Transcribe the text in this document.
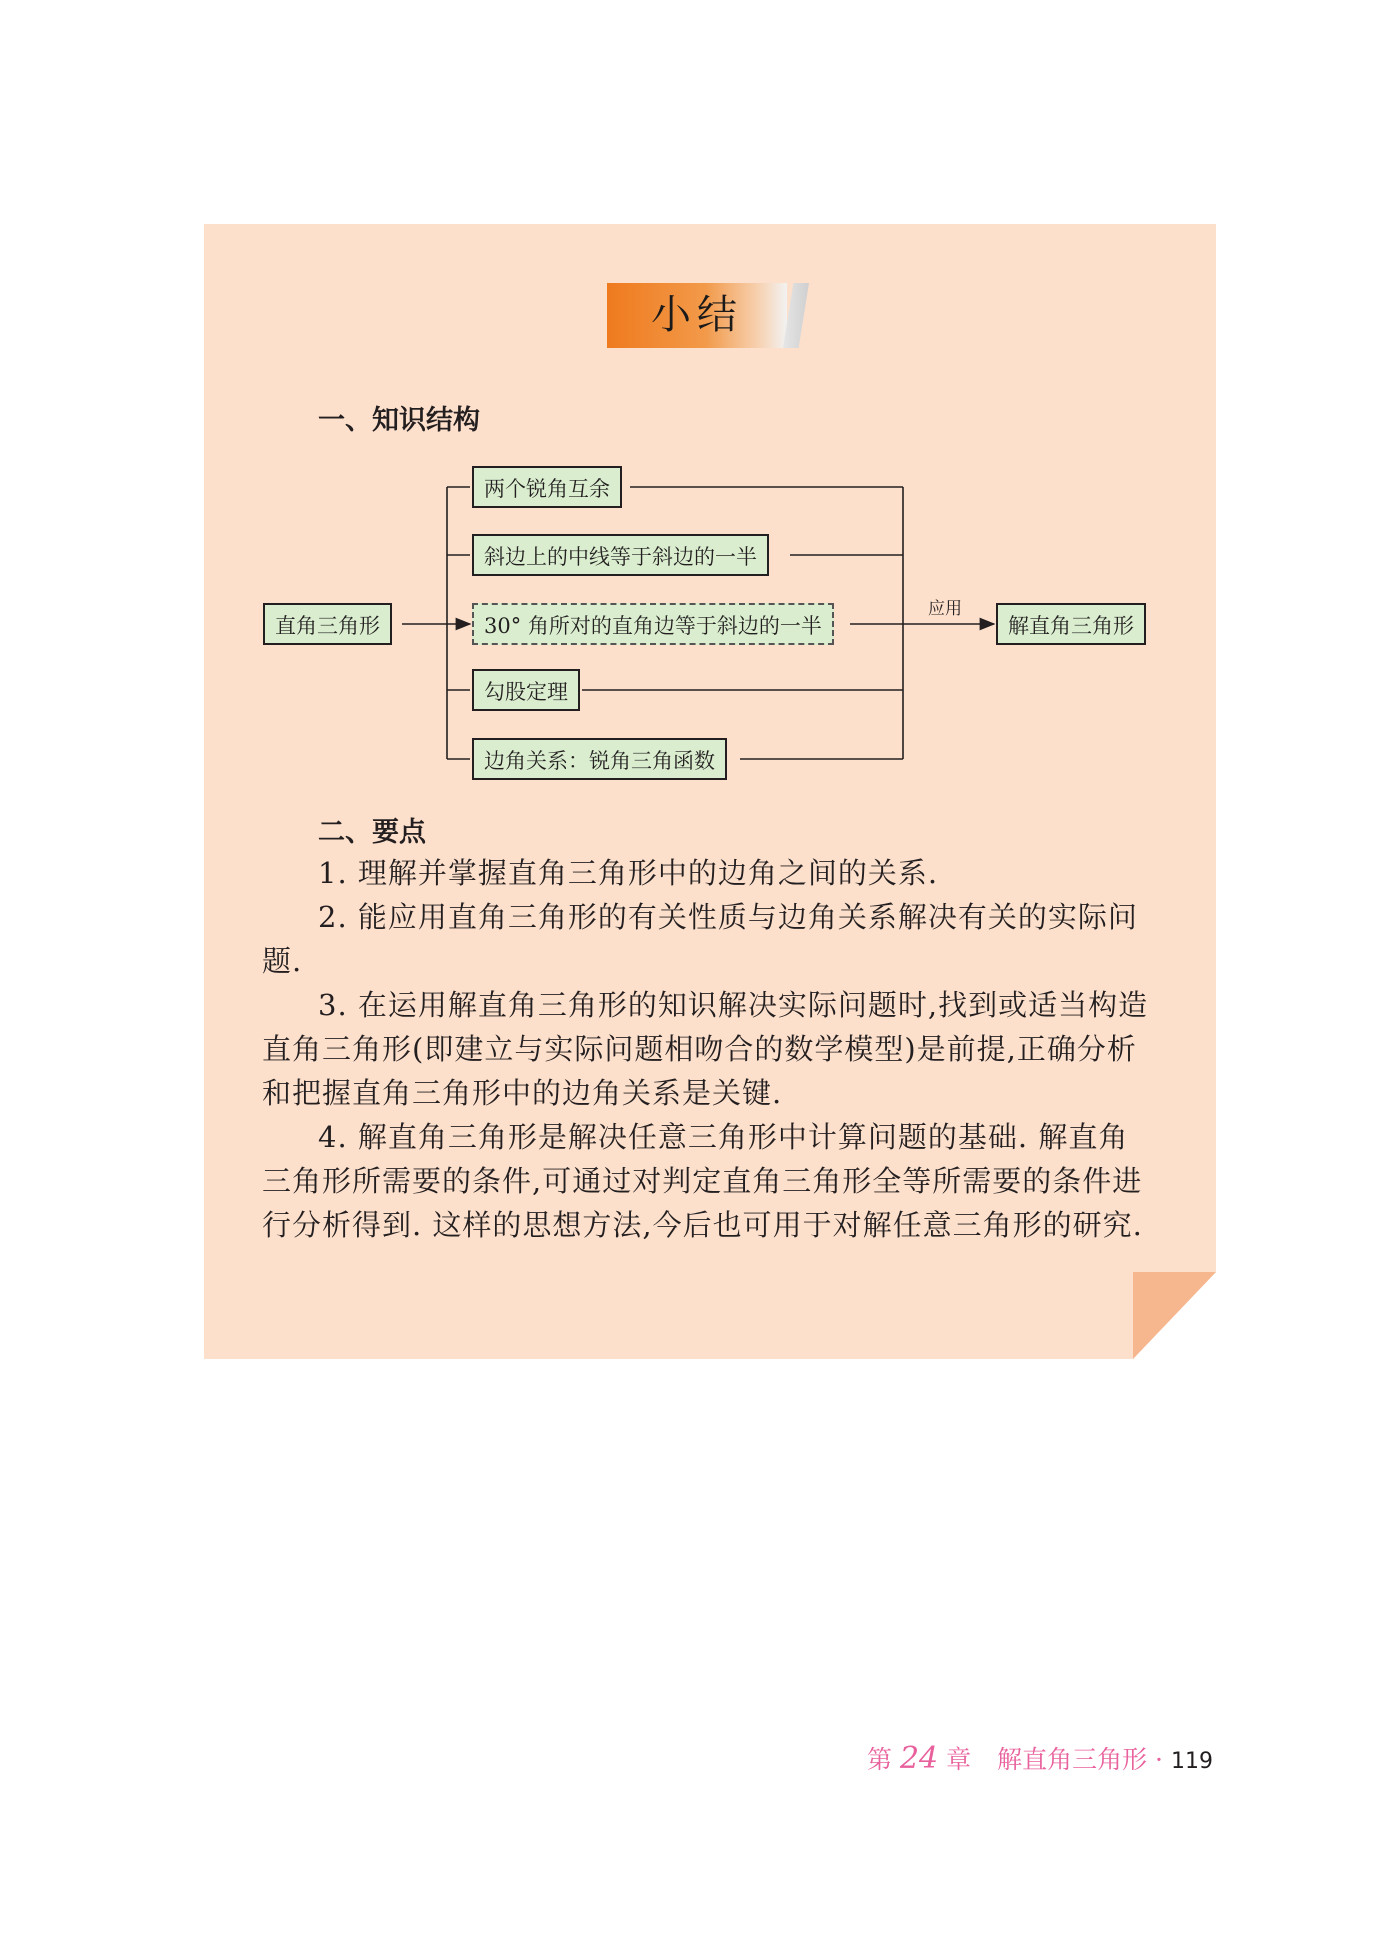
小结
一、知识结构
直角三角形
两个锐角互余
斜边上的中线等于斜边的一半
30° 角所对的直角边等于斜边的一半
勾股定理
边角关系：锐角三角函数
应用
解直角三角形
二、要点
1. 理解并掌握直角三角形中的边角之间的关系.
2. 能应用直角三角形的有关性质与边角关系解决有关的实际问题.
3. 在运用解直角三角形的知识解决实际问题时,找到或适当构造直角三角形(即建立与实际问题相吻合的数学模型)是前提,正确分析和把握直角三角形中的边角关系是关键.
4. 解直角三角形是解决任意三角形中计算问题的基础. 解直角三角形所需要的条件,可通过对判定直角三角形全等所需要的条件进行分析得到. 这样的思想方法,今后也可用于对解任意三角形的研究.
第 24 章 解直角三角形 · 119
